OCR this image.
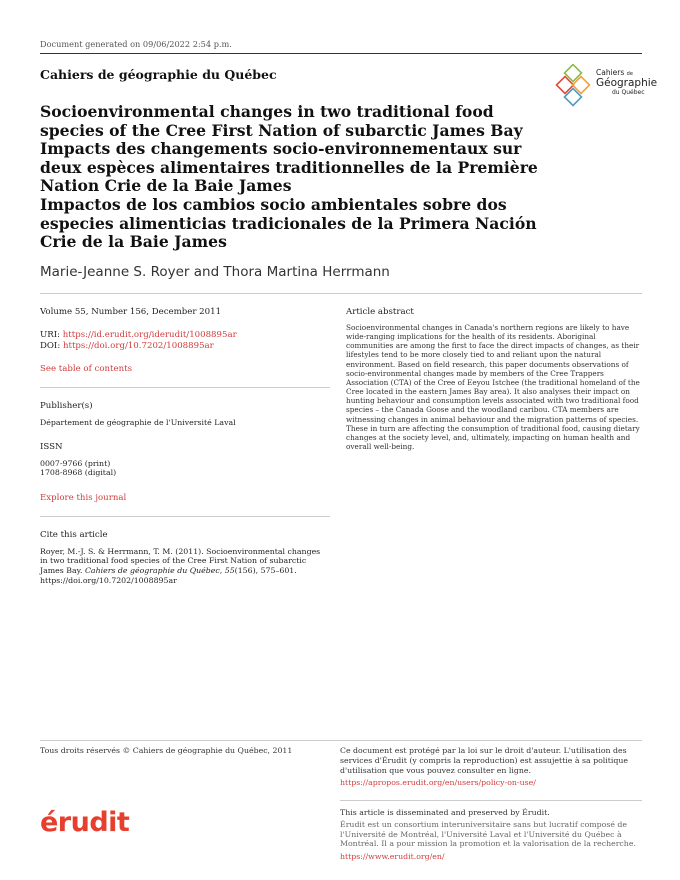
Document generated on 09/06/2022 2:54 p.m.
Cahiers de géographie du Québec	Cahiers de
Géographie
du Québec
Socioenvironmental changes in two traditional food species of the Cree First Nation of subarctic James Bay
Impacts des changements socio-environnementaux sur deux espèces alimentaires traditionnelles de la Première Nation Crie de la Baie James
Impactos de los cambios socio ambientales sobre dos especies alimenticias tradicionales de la Primera Nación Crie de la Baie James
Marie-Jeanne S. Royer and Thora Martina Herrmann
Volume 55, Number 156, December 2011
URI: https://id.erudit.org/iderudit/1008895ar
DOI: https://doi.org/10.7202/1008895ar
See table of contents
Publisher(s)
Département de géographie de l'Université Laval
ISSN
0007-9766 (print)
1708-8968 (digital)
Explore this journal
Cite this article
Royer, M.-J. S. & Herrmann, T. M. (2011). Socioenvironmental changes in two traditional food species of the Cree First Nation of subarctic James Bay. Cahiers de géographie du Québec, 55(156), 575–601. https://doi.org/10.7202/1008895ar
Article abstract
Socioenvironmental changes in Canada's northern regions are likely to have wide-ranging implications for the health of its residents. Aboriginal communities are among the first to face the direct impacts of changes, as their lifestyles tend to be more closely tied to and reliant upon the natural environment. Based on field research, this paper documents observations of socio-environmental changes made by members of the Cree Trappers Association (CTA) of the Cree of Eeyou Istchee (the traditional homeland of the Cree located in the eastern James Bay area). It also analyses their impact on hunting behaviour and consumption levels associated with two traditional food species – the Canada Goose and the woodland caribou. CTA members are witnessing changes in animal behaviour and the migration patterns of species. These in turn are affecting the consumption of traditional food, causing dietary changes at the society level, and, ultimately, impacting on human health and overall well-being.
Tous droits réservés © Cahiers de géographie du Québec, 2011	Ce document est protégé par la loi sur le droit d'auteur. L'utilisation des services d'Érudit (y compris la reproduction) est assujettie à sa politique d'utilisation que vous pouvez consulter en ligne.
https://apropos.erudit.org/en/users/policy-on-use/
érudit	This article is disseminated and preserved by Érudit.
Érudit est un consortium interuniversitaire sans but lucratif composé de l'Université de Montréal, l'Université Laval et l'Université du Québec à Montréal. Il a pour mission la promotion et la valorisation de la recherche.
https://www.erudit.org/en/
